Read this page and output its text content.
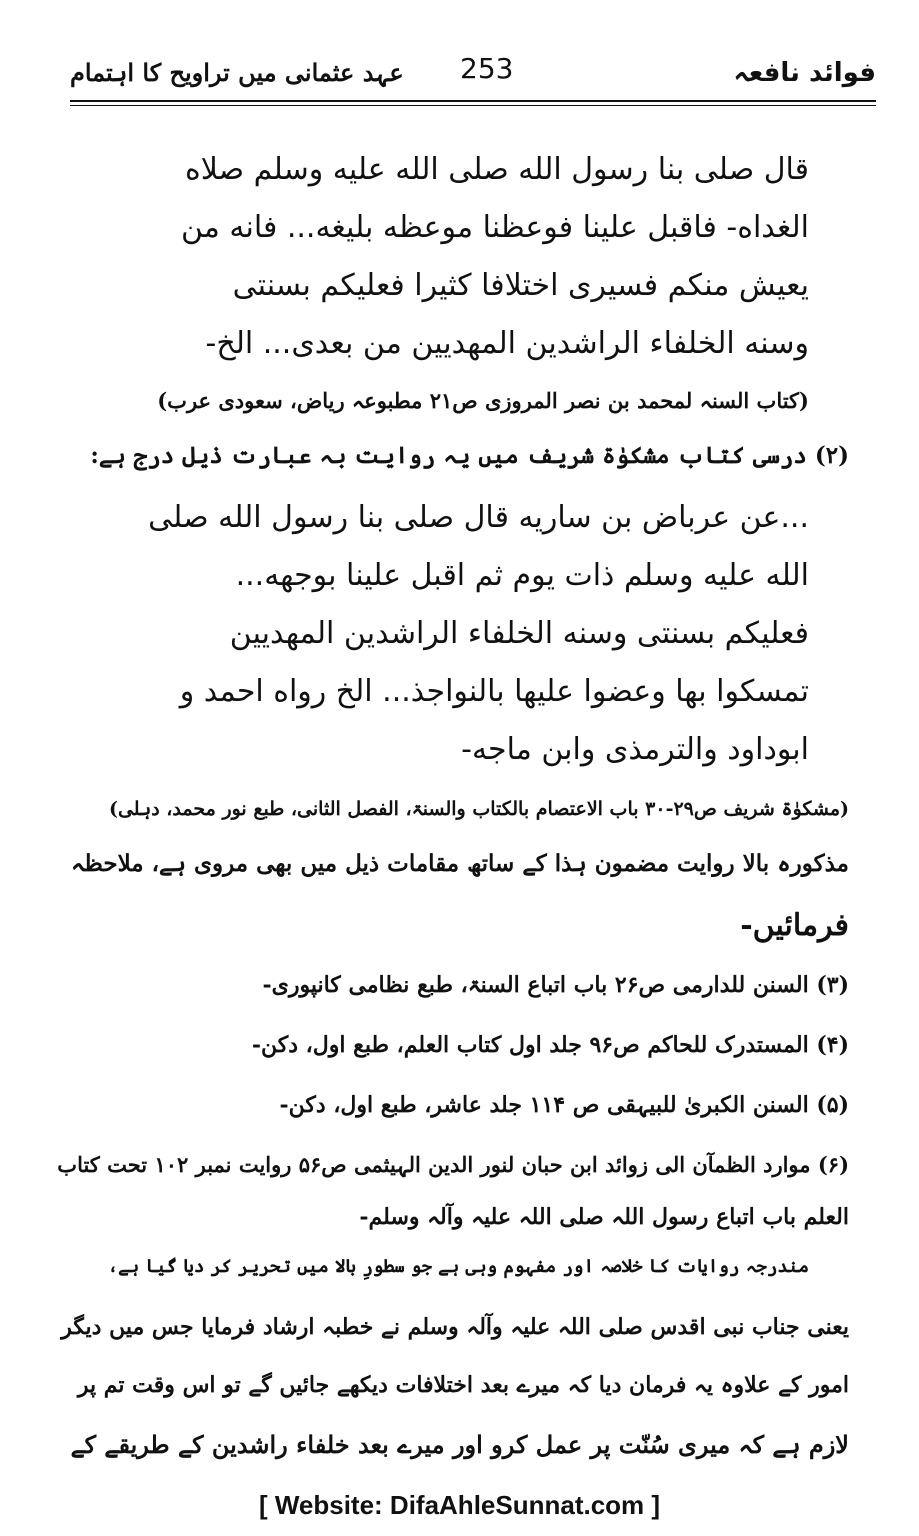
عہد عثمانی میں تراویح کا اہتمام 253	فوائد نافعہ
قال صلی بنا رسول الله صلی الله علیه وسلم صلاه
الغداه- فاقبل علینا فوعظنا موعظه بلیغه... فانه من
یعیش منکم فسیری اختلافا کثیرا فعلیکم بسنتی
وسنه الخلفاء الراشدین المهدیین من بعدی... الخ-
(کتاب السنہ لمحمد بن نصر المروزی ص۲۱ مطبوعہ ریاض، سعودی عرب)
(۲) درسی کتاب مشکوٰۃ شریف میں یہ روایت بہ عبارت ذیل درج ہے:
...عن عرباض بن ساریه قال صلی بنا رسول الله صلی
الله علیه وسلم ذات یوم ثم اقبل علینا بوجهه...
فعلیکم بسنتی وسنه الخلفاء الراشدین المهدیین
تمسکوا بها وعضوا علیها بالنواجذ... الخ رواه احمد و
ابوداود والترمذی وابن ماجه-
(مشکوٰۃ شریف ص۲۹-۳۰ باب الاعتصام بالکتاب والسنۃ، الفصل الثانی، طبع نور محمد، دہلی)
مذکورہ بالا روایت مضمون ہذا کے ساتھ مقامات ذیل میں بھی مروی ہے، ملاحظہ
فرمائیں-
(۳) السنن للدارمی ص۲۶ باب اتباع السنۃ، طبع نظامی کانپوری-
(۴) المستدرک للحاکم ص۹۶ جلد اول کتاب العلم، طبع اول، دکن-
(۵) السنن الکبریٰ للبیہقی ص ۱۱۴ جلد عاشر، طبع اول، دکن-
(۶) موارد الظمآن الی زوائد ابن حبان لنور الدین الہیثمی ص۵۶ روایت نمبر ۱۰۲ تحت کتاب
العلم باب اتباع رسول اللہ صلی اللہ علیہ وآلہ وسلم-
مندرجہ روایات کا خلاصہ اور مفہوم وہی ہے جو سطورِ بالا میں تحریر کر دیا گیا ہے،
یعنی جناب نبی اقدس صلی اللہ علیہ وآلہ وسلم نے خطبہ ارشاد فرمایا جس میں دیگر
امور کے علاوہ یہ فرمان دیا کہ میرے بعد اختلافات دیکھے جائیں گے تو اس وقت تم پر
لازم ہے کہ میری سُنّت پر عمل کرو اور میرے بعد خلفاء راشدین کے طریقے کے
[ Website: DifaAhleSunnat.com ]
